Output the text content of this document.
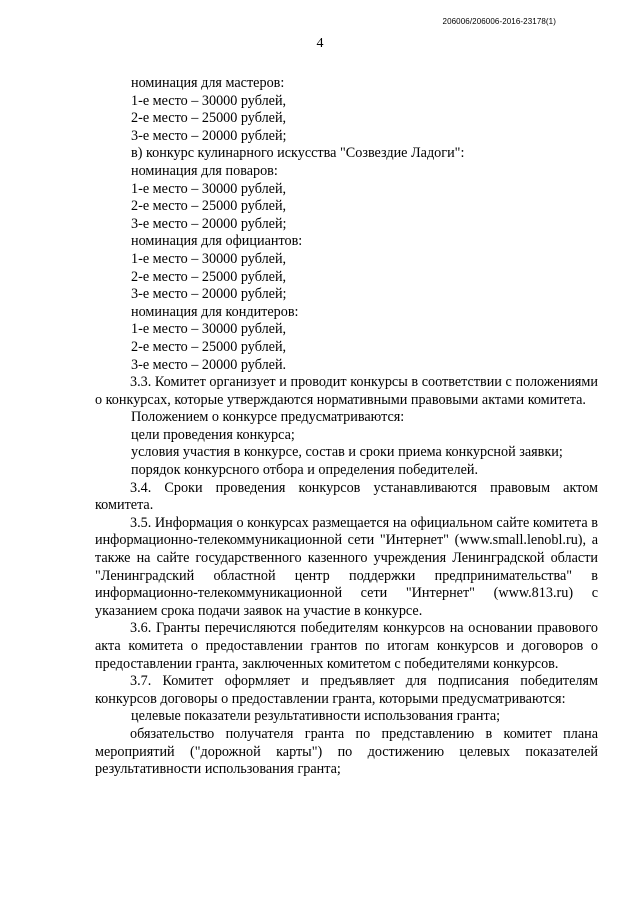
206006/206006-2016-23178(1)
4
номинация для мастеров:
1-е место – 30000 рублей,
2-е место – 25000 рублей,
3-е место – 20000 рублей;
в) конкурс кулинарного искусства "Созвездие Ладоги":
номинация для поваров:
1-е место – 30000 рублей,
2-е место – 25000 рублей,
3-е место – 20000 рублей;
номинация для официантов:
1-е место – 30000 рублей,
2-е место – 25000 рублей,
3-е место – 20000 рублей;
номинация для кондитеров:
1-е место – 30000 рублей,
2-е место – 25000 рублей,
3-е место – 20000 рублей.
3.3. Комитет организует и проводит конкурсы в соответствии с положениями о конкурсах, которые утверждаются нормативными правовыми актами комитета.
Положением о конкурсе предусматриваются:
цели проведения конкурса;
условия участия в конкурсе, состав и сроки приема конкурсной заявки;
порядок конкурсного отбора и определения победителей.
3.4. Сроки проведения конкурсов устанавливаются правовым актом комитета.
3.5. Информация о конкурсах размещается на официальном сайте комитета в информационно-телекоммуникационной сети "Интернет" (www.small.lenobl.ru), а также на сайте государственного казенного учреждения Ленинградской области "Ленинградский областной центр поддержки предпринимательства" в информационно-телекоммуникационной сети "Интернет" (www.813.ru) с указанием срока подачи заявок на участие в конкурсе.
3.6. Гранты перечисляются победителям конкурсов на основании правового акта комитета о предоставлении грантов по итогам конкурсов и договоров о предоставлении гранта, заключенных комитетом с победителями конкурсов.
3.7. Комитет оформляет и предъявляет для подписания победителям конкурсов договоры о предоставлении гранта, которыми предусматриваются:
целевые показатели результативности использования гранта;
обязательство получателя гранта по представлению в комитет плана мероприятий ("дорожной карты") по достижению целевых показателей результативности использования гранта;
